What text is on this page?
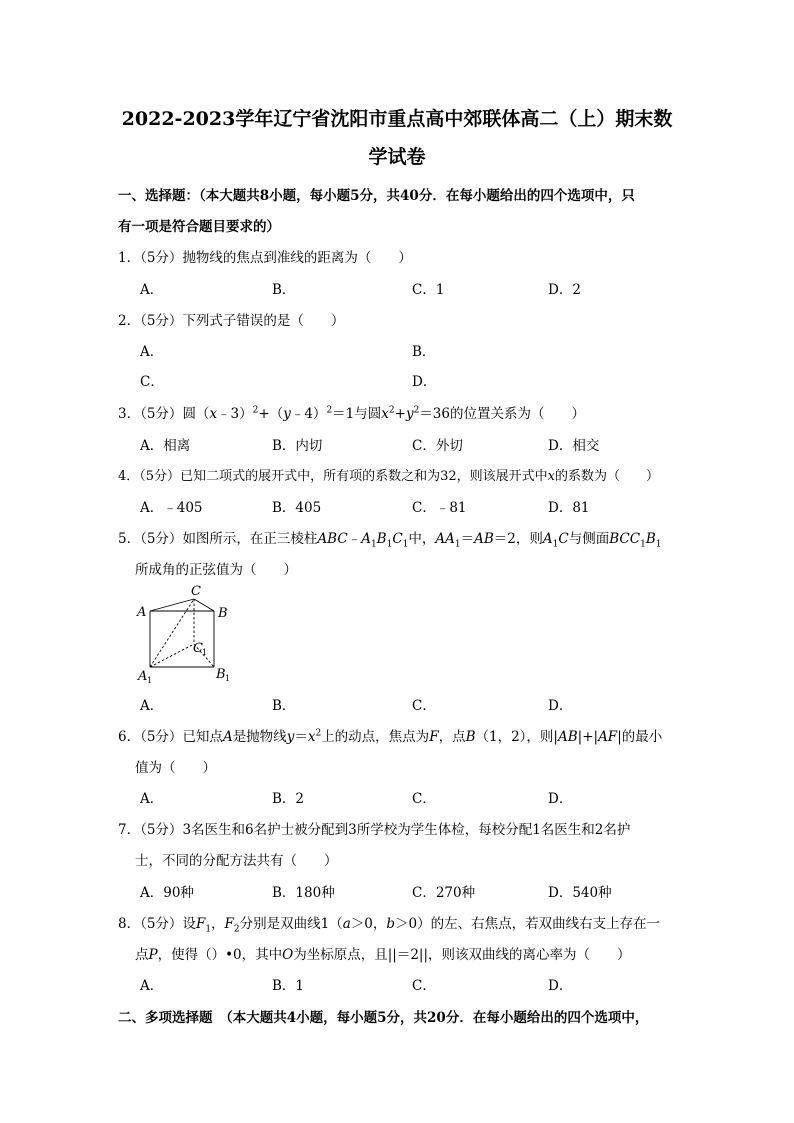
2022-2023学年辽宁省沈阳市重点高中郊联体高二（上）期末数
学试卷
一、选择题：（本大题共8小题，每小题5分，共40分．在每小题给出的四个选项中，只
有一项是符合题目要求的）
1．（5分）抛物线的焦点到准线的距离为（　　）
A．	B．	C．1	D．2
2．（5分）下列式子错误的是（　　）
A．	B．
C．	D．
3．（5分）圆（x﹣3）$^2$+（y﹣4）$^2$＝1与圆$x^2+y^2=36$的位置关系为（　　）
A．相离	B．内切	C．外切	D．相交
4．（5分）已知二项式的展开式中，所有项的系数之和为32，则该展开式中x的系数为（　　）
A．﹣405	B．405	C．﹣81	D．81
5．（5分）如图所示，在正三棱柱$ABC﹣A_1B_1C_1$中，$AA_1=AB=2$，则$A_1C$与侧面$BCC_1B_1$
所成角的正弦值为（　　）
A	B
C
C 1
A 1	B 1
A．	B．	C．	D．
6．（5分）已知点A是抛物线$y=x^2$上的动点，焦点为F，点B（1，2），则|AB|+|AF|的最小
值为（　　）
A．	B．2	C．	D．
7．（5分）3名医生和6名护士被分配到3所学校为学生体检，每校分配1名医生和2名护
士，不同的分配方法共有（　　）
A．90种	B．180种	C．270种	D．540种
8．（5分）设$F_1$，$F_2$分别是双曲线1（a＞0，b＞0）的左、右焦点，若双曲线右支上存在一
点P，使得（）•0，其中O为坐标原点，且||＝2||，则该双曲线的离心率为（　　）
A．	B．1	C．	D．
二、多项选择题　（本大题共4小题，每小题5分，共20分．在每小题给出的四个选项中，
